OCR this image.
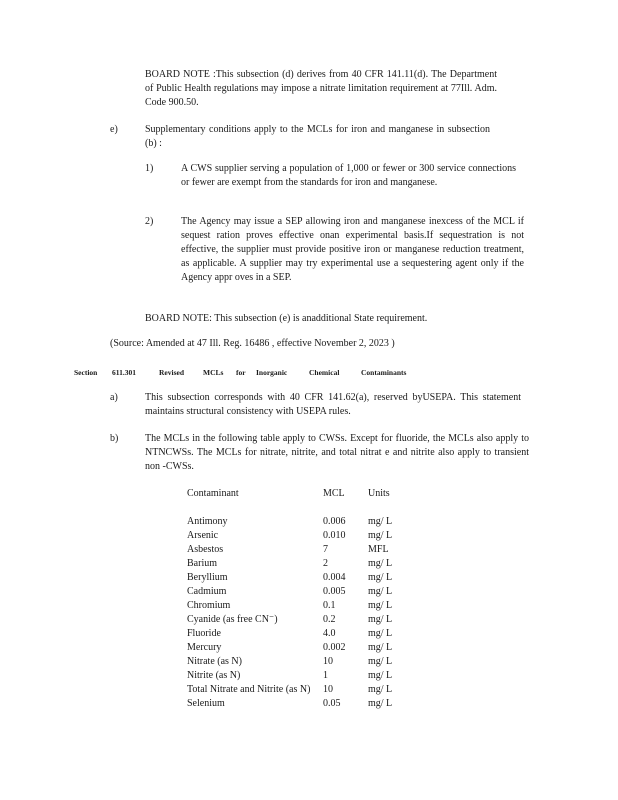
BOARD NOTE :This subsection (d) derives from 40 CFR 141.11(d). The Department of Public Health regulations may impose a nitrate limitation requirement at 77Ill. Adm. Code 900.50.

e)	Supplementary conditions apply to the MCLs for iron and manganese in subsection (b) :

1)	A CWS supplier serving a population of 1,000 or fewer or 300 service connections or fewer are exempt from the standards for iron and manganese.

2)	The Agency may issue a SEP allowing iron and manganese inexcess of the MCL if sequest ration proves effective onan experimental basis.If sequestration is not effective, the supplier must provide positive iron or manganese reduction treatment, as applicable. A supplier may try experimental use a sequestering agent only if the Agency appr oves in a SEP.

BOARD NOTE: This subsection (e) is anadditional State requirement.

(Source: Amended at 47 Ill. Reg. 16486 , effective November 2, 2023 )

Section 611.301	Revised	MCLs for Inorganic	Chemical	Contaminants
a)	This subsection corresponds with 40 CFR 141.62(a), reserved byUSEPA. This statement maintains structural consistency with USEPA rules.

b)	The MCLs in the following table apply to CWSs. Except for fluoride, the MCLs also apply to NTNCWSs. The MCLs for nitrate, nitrite, and total nitrat e and nitrite also apply to transient non -CWSs.

Contaminant	MCL	Units
Antimony	0.006	mg/ L
Arsenic	0.010	mg/ L
Asbestos	7	MFL
Barium	2	mg/ L
Beryllium	0.004	mg/ L
Cadmium	0.005	mg/ L
Chromium	0.1	mg/ L
Cyanide (as free CN⁻)	0.2	mg/ L
Fluoride	4.0	mg/ L
Mercury	0.002	mg/ L
Nitrate (as N)	10	mg/ L
Nitrite (as N)	1	mg/ L
Total Nitrate and Nitrite (as N)	10	mg/ L
Selenium	0.05	mg/ L
